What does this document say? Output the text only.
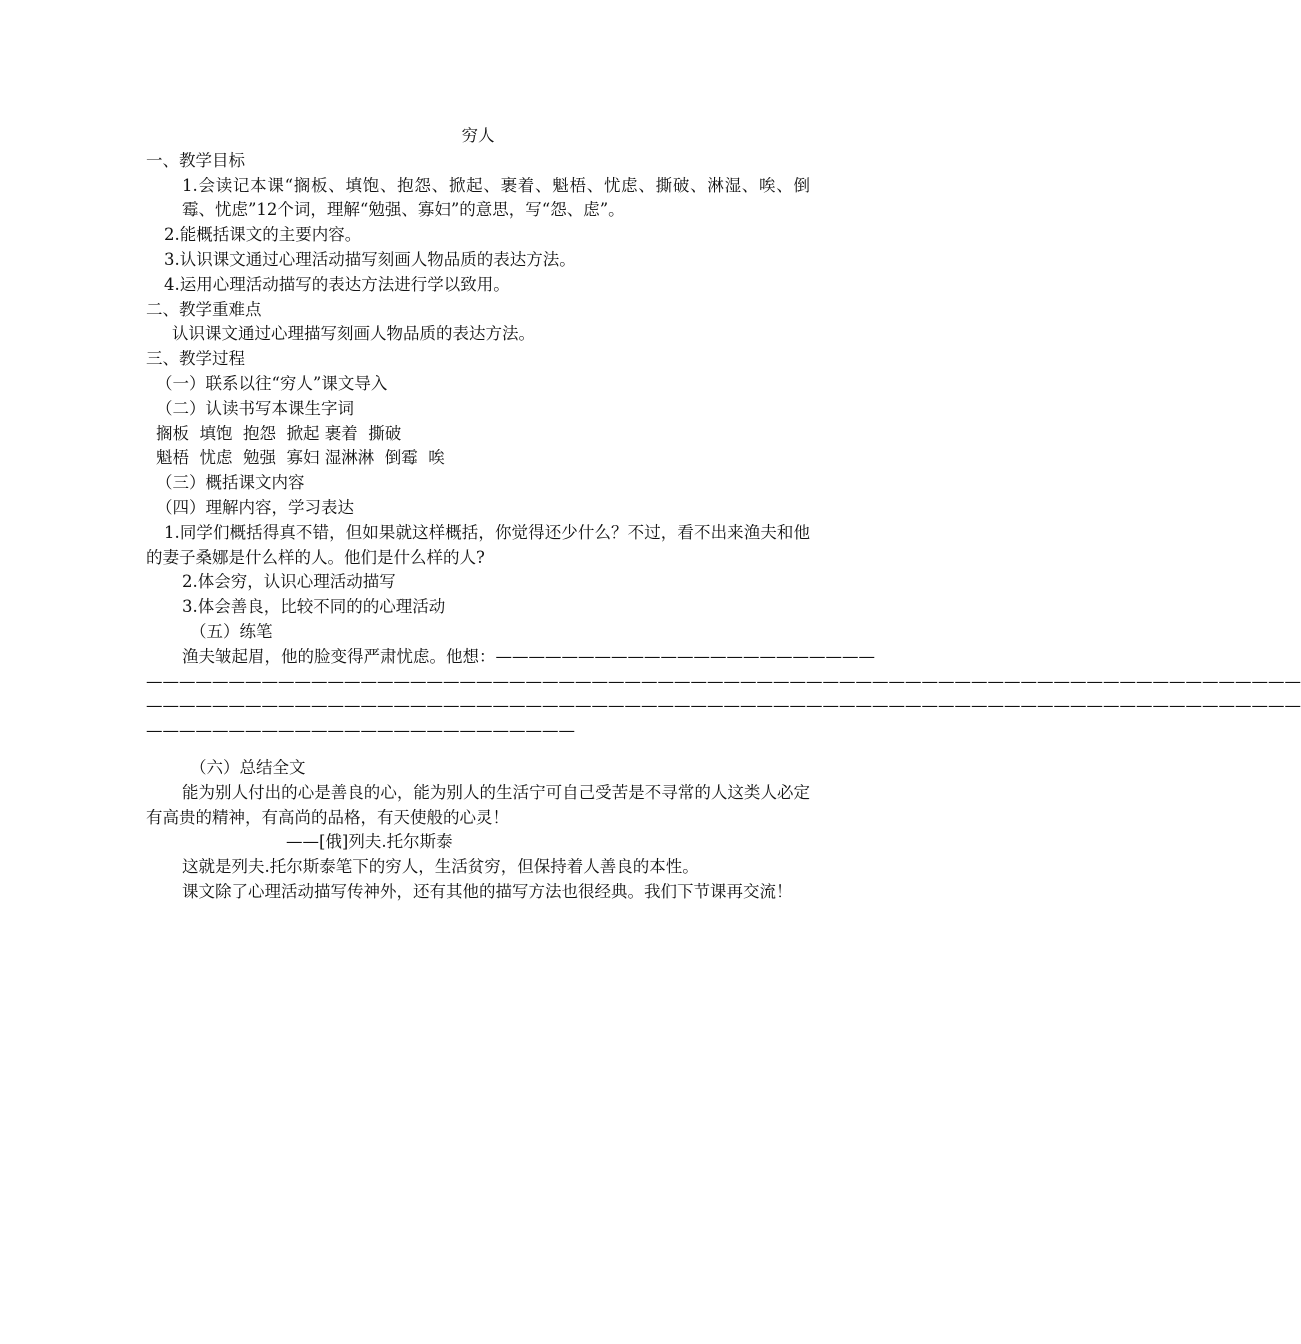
穷人
一、教学目标
1.会读记本课“搁板、填饱、抱怨、掀起、裹着、魁梧、忧虑、撕破、淋湿、唉、倒霉、忧虑”12个词，理解“勉强、寡妇”的意思，写“怨、虑”。
2.能概括课文的主要内容。
3.认识课文通过心理活动描写刻画人物品质的表达方法。
4.运用心理活动描写的表达方法进行学以致用。
二、教学重难点
认识课文通过心理描写刻画人物品质的表达方法。
三、教学过程
（一）联系以往“穷人”课文导入
（二）认读书写本课生字词
搁板  填饱  抱怨  掀起 裹着  撕破
魁梧  忧虑  勉强  寡妇 湿淋淋  倒霉  唉
（三）概括课文内容
（四）理解内容，学习表达
1.同学们概括得真不错，但如果就这样概括，你觉得还少什么？不过，看不出来渔夫和他的妻子桑娜是什么样的人。他们是什么样的人?
2.体会穷，认识心理活动描写
3.体会善良，比较不同的的心理活动
（五）练笔
渔夫皱起眉，他的脸变得严肃忧虑。他想：———————————————————————
——————————————————————————————————————————————————————————————————————
——————————————————————————————————————————————————————————————————————
——————————————————————————
（六）总结全文
能为别人付出的心是善良的心，能为别人的生活宁可自己受苦是不寻常的人这类人必定有高贵的精神，有高尚的品格，有天使般的心灵！
——[俄]列夫.托尔斯泰
这就是列夫.托尔斯泰笔下的穷人，生活贫穷，但保持着人善良的本性。
课文除了心理活动描写传神外，还有其他的描写方法也很经典。我们下节课再交流！
